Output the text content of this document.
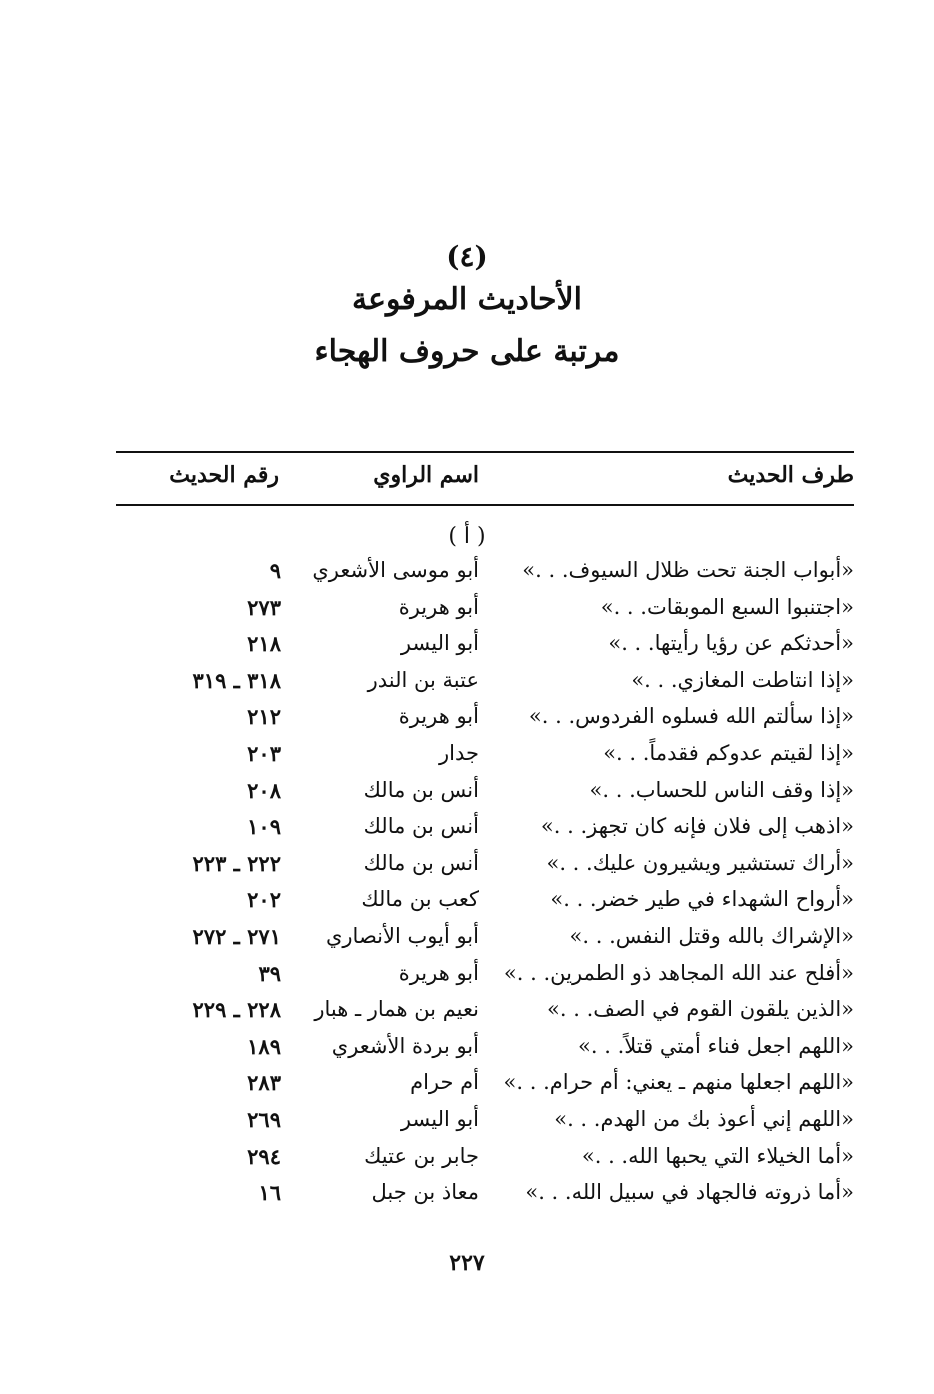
(٤)
الأحاديث المرفوعة
مرتبة على حروف الهجاء
طرف الحديث
اسم الراوي
رقم الحديث
( أ )
«أبواب الجنة تحت ظلال السيوف. . .»
أبو موسى الأشعري
٩
«اجتنبوا السبع الموبقات. . .»
أبو هريرة
٢٧٣
«أحدثكم عن رؤيا رأيتها. . .»
أبو اليسر
٢١٨
«إذا انتاطت المغازي. . .»
عتبة بن الندر
٣١٨ ـ ٣١٩
«إذا سألتم الله فسلوه الفردوس. . .»
أبو هريرة
٢١٢
«إذا لقيتم عدوكم فقدماً. . .»
جدار
٢٠٣
«إذا وقف الناس للحساب. . .»
أنس بن مالك
٢٠٨
«اذهب إلى فلان فإنه كان تجهز. . .»
أنس بن مالك
١٠٩
«أراك تستشير ويشيرون عليك. . .»
أنس بن مالك
٢٢٢ ـ ٢٢٣
«أرواح الشهداء في طير خضر. . .»
كعب بن مالك
٢٠٢
«الإشراك بالله وقتل النفس. . .»
أبو أيوب الأنصاري
٢٧١ ـ ٢٧٢
«أفلح عند الله المجاهد ذو الطمرين. . .»
أبو هريرة
٣٩
«الذين يلقون القوم في الصف. . .»
نعيم بن همار ـ هبار
٢٢٨ ـ ٢٢٩
«اللهم اجعل فناء أمتي قتلاً. . .»
أبو بردة الأشعري
١٨٩
«اللهم اجعلها منهم ـ يعني: أم حرام. . .»
أم حرام
٢٨٣
«اللهم إني أعوذ بك من الهدم. . .»
أبو اليسر
٢٦٩
«أما الخيلاء التي يحبها الله. . .»
جابر بن عتيك
٢٩٤
«أما ذروته فالجهاد في سبيل الله. . .»
معاذ بن جبل
١٦
٢٢٧
